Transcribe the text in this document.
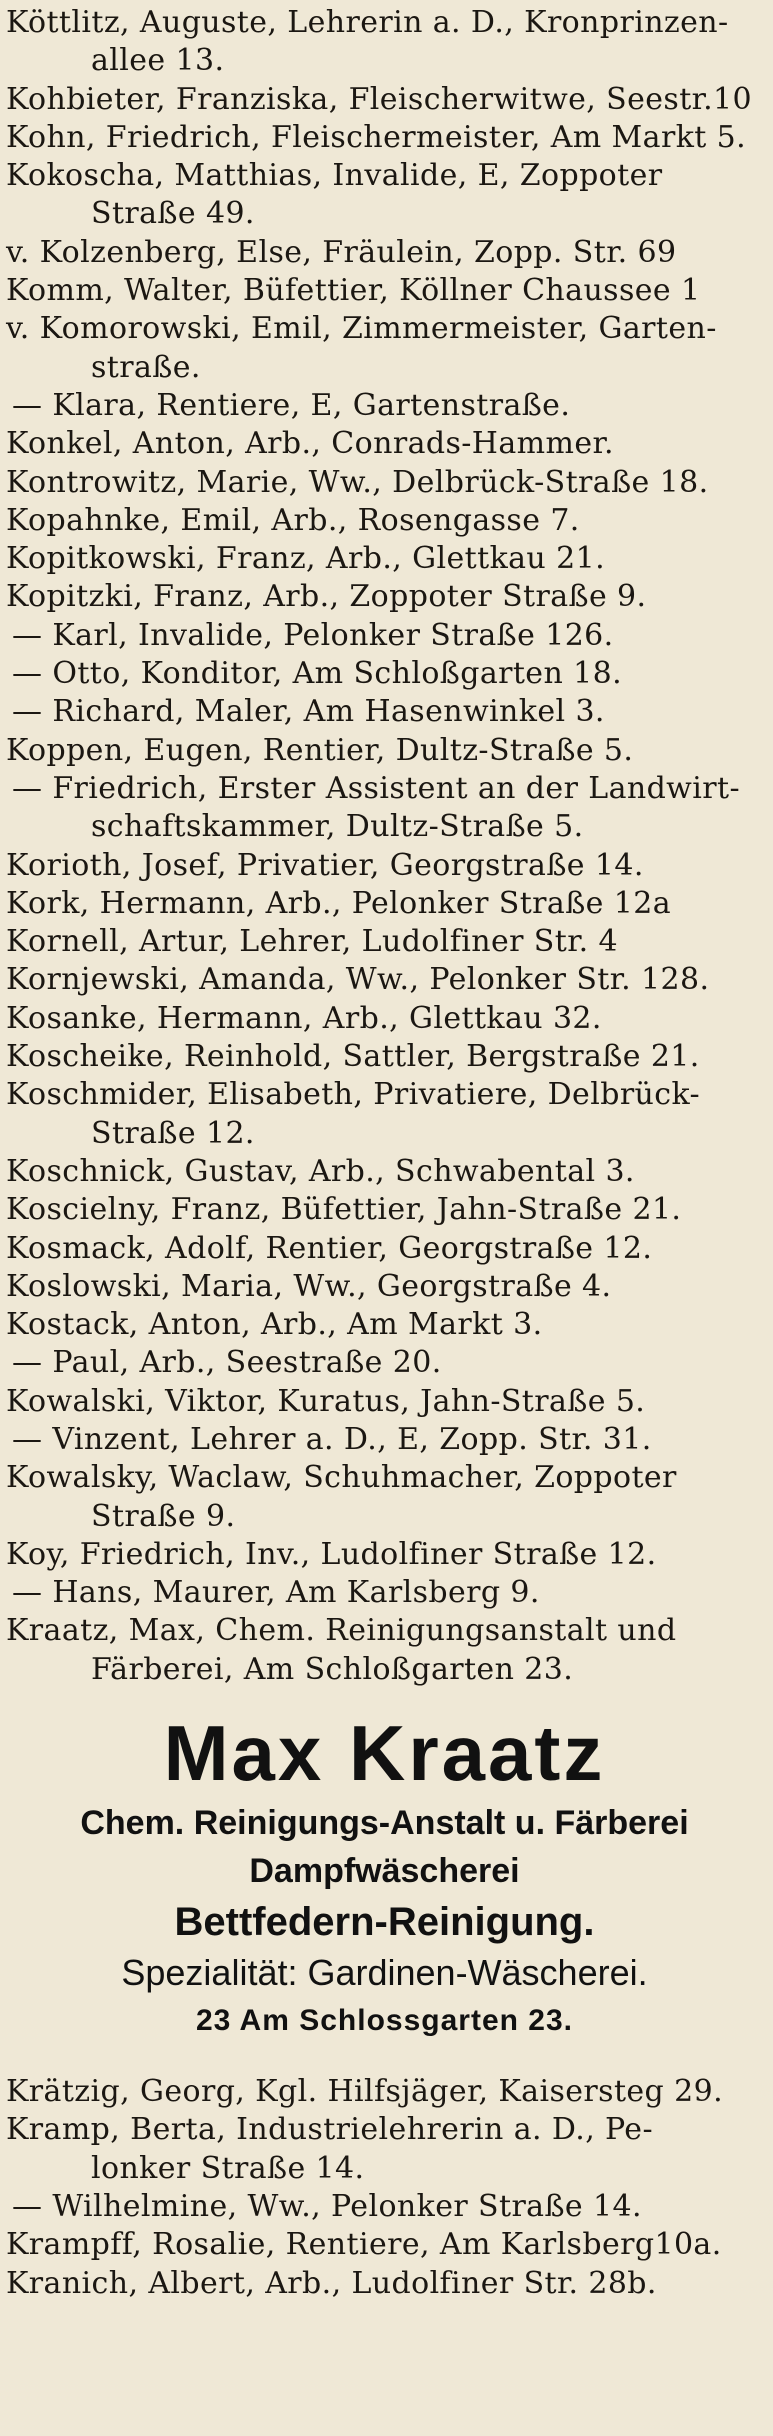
Köttlitz, Auguste, Lehrerin a. D., Kronprinzen-
allee 13.
Kohbieter, Franziska, Fleischerwitwe, Seestr.10
Kohn, Friedrich, Fleischermeister, Am Markt 5.
Kokoscha, Matthias, Invalide, E, Zoppoter
Straße 49.
v. Kolzenberg, Else, Fräulein, Zopp. Str. 69
Komm, Walter, Büfettier, Köllner Chaussee 1
v. Komorowski, Emil, Zimmermeister, Garten-
straße.
— Klara, Rentiere, E, Gartenstraße.
Konkel, Anton, Arb., Conrads-Hammer.
Kontrowitz, Marie, Ww., Delbrück-Straße 18.
Kopahnke, Emil, Arb., Rosengasse 7.
Kopitkowski, Franz, Arb., Glettkau 21.
Kopitzki, Franz, Arb., Zoppoter Straße 9.
— Karl, Invalide, Pelonker Straße 126.
— Otto, Konditor, Am Schloßgarten 18.
— Richard, Maler, Am Hasenwinkel 3.
Koppen, Eugen, Rentier, Dultz-Straße 5.
— Friedrich, Erster Assistent an der Landwirt-
schaftskammer, Dultz-Straße 5.
Korioth, Josef, Privatier, Georgstraße 14.
Kork, Hermann, Arb., Pelonker Straße 12a
Kornell, Artur, Lehrer, Ludolfiner Str. 4
Kornjewski, Amanda, Ww., Pelonker Str. 128.
Kosanke, Hermann, Arb., Glettkau 32.
Koscheike, Reinhold, Sattler, Bergstraße 21.
Koschmider, Elisabeth, Privatiere, Delbrück-
Straße 12.
Koschnick, Gustav, Arb., Schwabental 3.
Koscielny, Franz, Büfettier, Jahn-Straße 21.
Kosmack, Adolf, Rentier, Georgstraße 12.
Koslowski, Maria, Ww., Georgstraße 4.
Kostack, Anton, Arb., Am Markt 3.
— Paul, Arb., Seestraße 20.
Kowalski, Viktor, Kuratus, Jahn-Straße 5.
— Vinzent, Lehrer a. D., E, Zopp. Str. 31.
Kowalsky, Waclaw, Schuhmacher, Zoppoter
Straße 9.
Koy, Friedrich, Inv., Ludolfiner Straße 12.
— Hans, Maurer, Am Karlsberg 9.
Kraatz, Max, Chem. Reinigungsanstalt und
Färberei, Am Schloßgarten 23.

Max Kraatz

Chem. Reinigungs-Anstalt u. Färberei

Dampfwäscherei

Bettfedern-Reinigung.

Spezialität: Gardinen-Wäscherei.

23 Am Schlossgarten 23.

Krätzig, Georg, Kgl. Hilfsjäger, Kaisersteg 29.
Kramp, Berta, Industrielehrerin a. D., Pe-
lonker Straße 14.
— Wilhelmine, Ww., Pelonker Straße 14.
Krampff, Rosalie, Rentiere, Am Karlsberg10a.
Kranich, Albert, Arb., Ludolfiner Str. 28b.
